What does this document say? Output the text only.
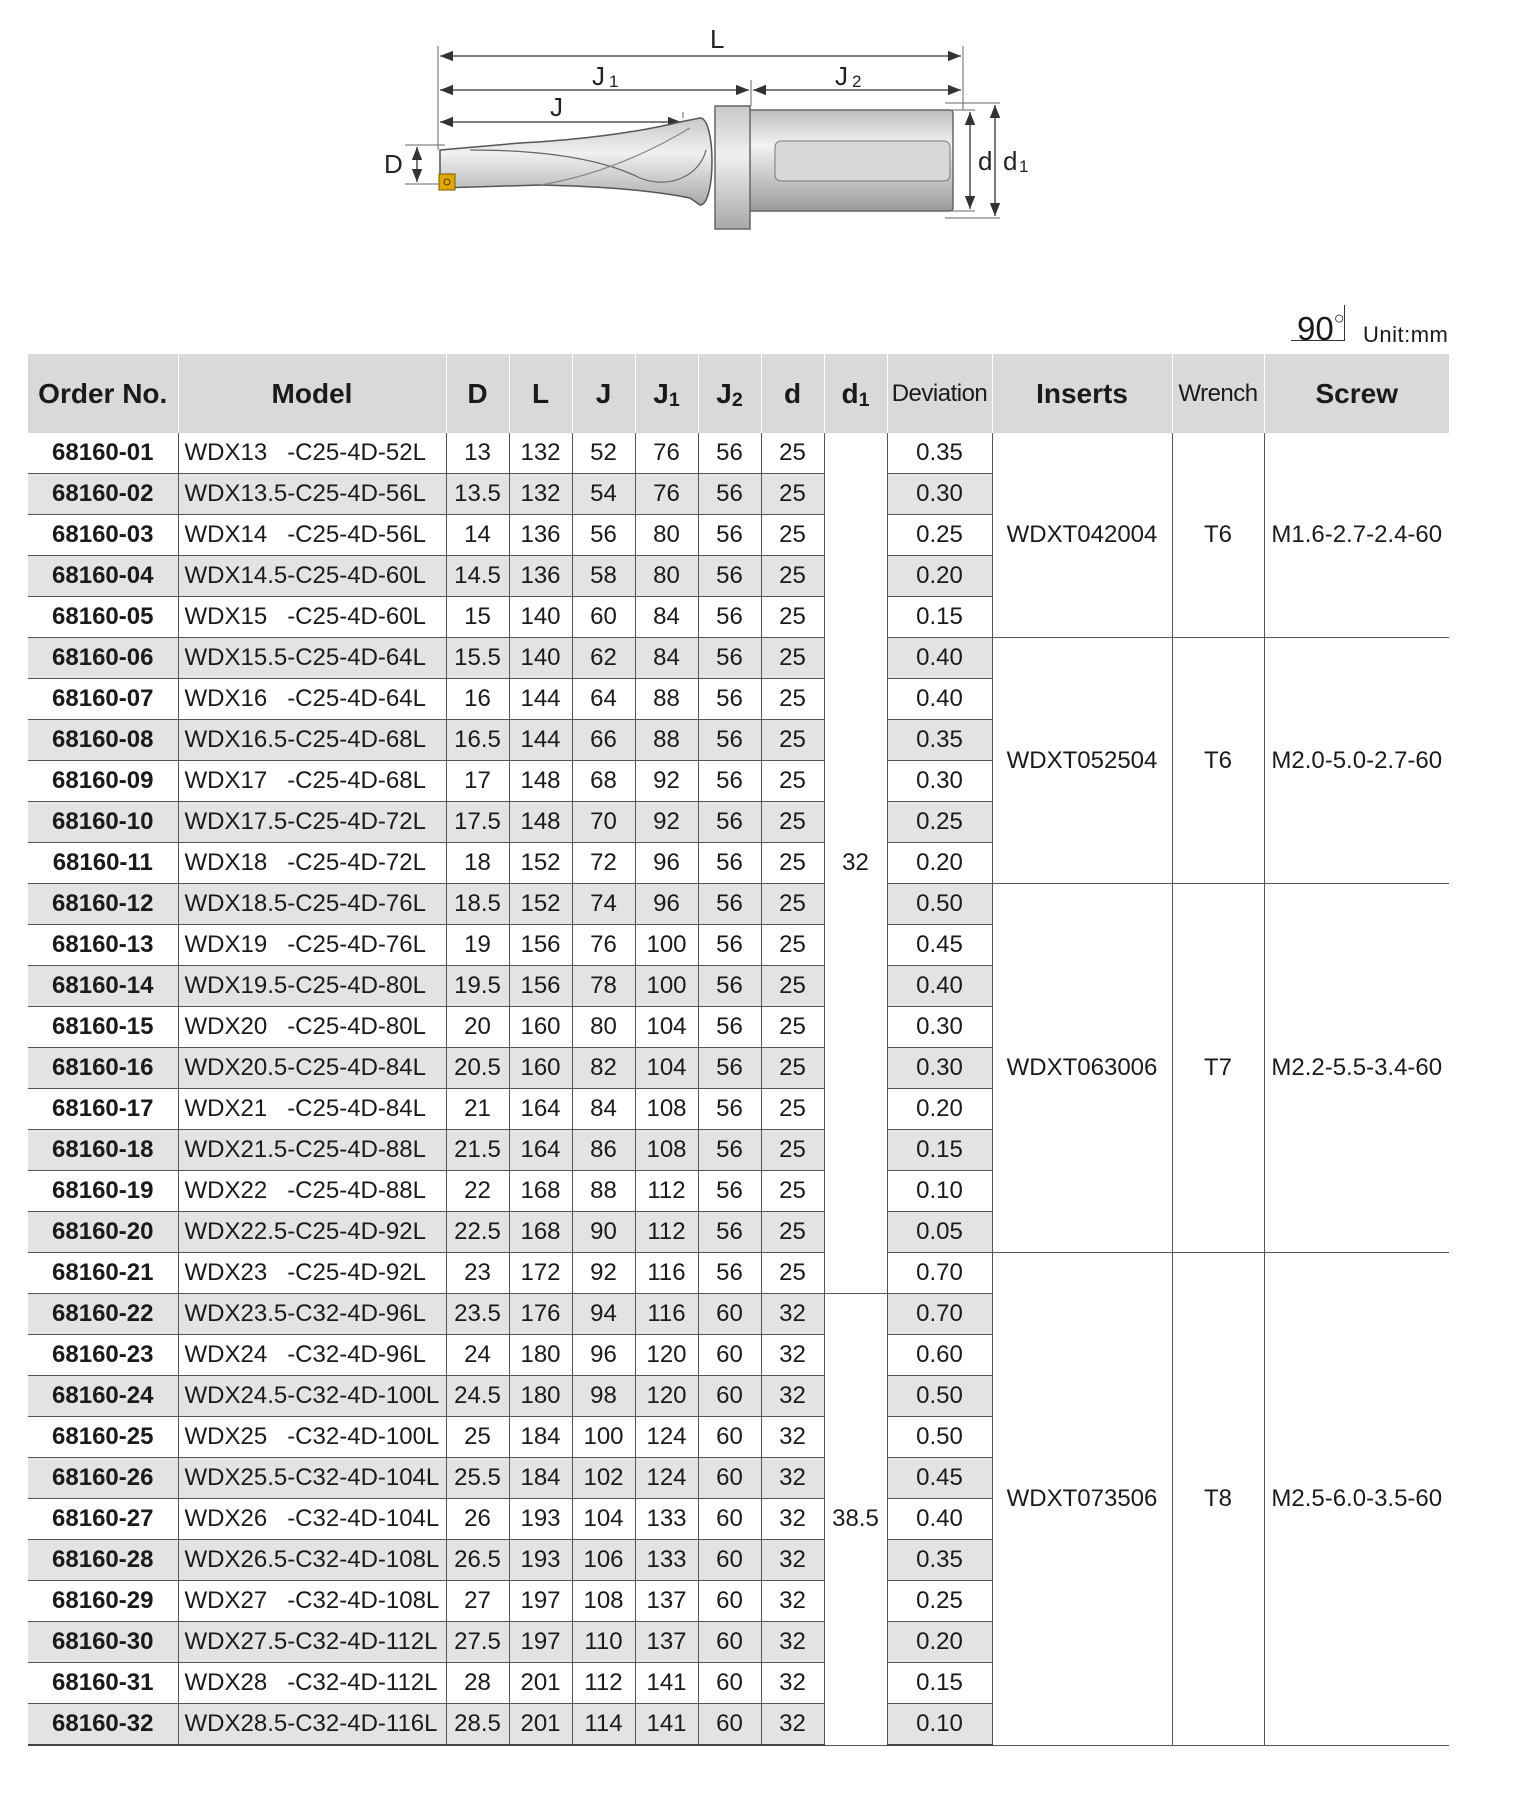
L
J 1	J 2
J
D	d d 1
90○
Unit:mm
Order No.	Model	D	L	J	$J_1$	$J_2$	d	$d_1$	Deviation	Inserts	Wrench	Screw
68160-01	WDX13   -C25-4D-52L	13	132	52	76	56	25	32	0.35	WDXT042004	T6	M1.6-2.7-2.4-60
68160-02	WDX13.5-C25-4D-56L	13.5	132	54	76	56	25		0.30			
68160-03	WDX14   -C25-4D-56L	14	136	56	80	56	25		0.25			
68160-04	WDX14.5-C25-4D-60L	14.5	136	58	80	56	25		0.20			
68160-05	WDX15   -C25-4D-60L	15	140	60	84	56	25		0.15			
68160-06	WDX15.5-C25-4D-64L	15.5	140	62	84	56	25		0.40	WDXT052504	T6	M2.0-5.0-2.7-60
68160-07	WDX16   -C25-4D-64L	16	144	64	88	56	25		0.40			
68160-08	WDX16.5-C25-4D-68L	16.5	144	66	88	56	25		0.35			
68160-09	WDX17   -C25-4D-68L	17	148	68	92	56	25		0.30			
68160-10	WDX17.5-C25-4D-72L	17.5	148	70	92	56	25		0.25			
68160-11	WDX18   -C25-4D-72L	18	152	72	96	56	25		0.20			
68160-12	WDX18.5-C25-4D-76L	18.5	152	74	96	56	25		0.50	WDXT063006	T7	M2.2-5.5-3.4-60
68160-13	WDX19   -C25-4D-76L	19	156	76	100	56	25		0.45			
68160-14	WDX19.5-C25-4D-80L	19.5	156	78	100	56	25		0.40			
68160-15	WDX20   -C25-4D-80L	20	160	80	104	56	25		0.30			
68160-16	WDX20.5-C25-4D-84L	20.5	160	82	104	56	25		0.30			
68160-17	WDX21   -C25-4D-84L	21	164	84	108	56	25		0.20			
68160-18	WDX21.5-C25-4D-88L	21.5	164	86	108	56	25		0.15			
68160-19	WDX22   -C25-4D-88L	22	168	88	112	56	25		0.10			
68160-20	WDX22.5-C25-4D-92L	22.5	168	90	112	56	25		0.05			
68160-21	WDX23   -C25-4D-92L	23	172	92	116	56	25		0.70	WDXT073506	T8	M2.5-6.0-3.5-60
68160-22	WDX23.5-C32-4D-96L	23.5	176	94	116	60	32	38.5	0.70			
68160-23	WDX24   -C32-4D-96L	24	180	96	120	60	32		0.60			
68160-24	WDX24.5-C32-4D-100L	24.5	180	98	120	60	32		0.50			
68160-25	WDX25   -C32-4D-100L	25	184	100	124	60	32		0.50			
68160-26	WDX25.5-C32-4D-104L	25.5	184	102	124	60	32		0.45			
68160-27	WDX26   -C32-4D-104L	26	193	104	133	60	32		0.40			
68160-28	WDX26.5-C32-4D-108L	26.5	193	106	133	60	32		0.35			
68160-29	WDX27   -C32-4D-108L	27	197	108	137	60	32		0.25			
68160-30	WDX27.5-C32-4D-112L	27.5	197	110	137	60	32		0.20			
68160-31	WDX28   -C32-4D-112L	28	201	112	141	60	32		0.15			
68160-32	WDX28.5-C32-4D-116L	28.5	201	114	141	60	32		0.10			
